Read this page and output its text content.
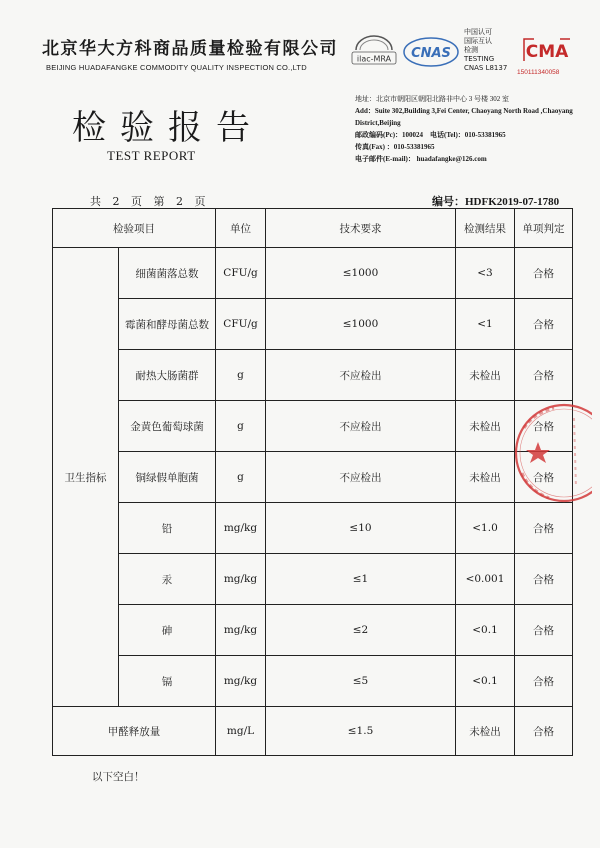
北京华大方科商品质量检验有限公司
BEIJING HUADAFANGKE COMMODITY QUALITY INSPECTION CO.,LTD
ilac-MRA CNAS
中国认可
国际互认
检测
TESTING
CNAS L8137
CMA
150111340058
检验报告
TEST REPORT
地址：北京市朝阳区朝阳北路非中心 3 号楼 302 室
Add：Suite 302,Building 3,Fei Center, Chaoyang North Road ,Chaoyang District,Beijing
邮政编码(Pc)：100024 电话(Tel)：010-53381965
传真(Fax) ：010-53381965
电子邮件(E-mail)： huadafangke@126.com
共 2 页 第 2 页	编号：HDFK2019-07-1780
检验项目		单位	技术要求	检测结果	单项判定
卫生指标	细菌菌落总数	CFU/g	≤1000	<3	合格
	霉菌和酵母菌总数	CFU/g	≤1000	<1	合格
	耐热大肠菌群	g	不应检出	未检出	合格
	金黄色葡萄球菌	g	不应检出	未检出	合格
	铜绿假单胞菌	g	不应检出	未检出	合格
	铅	mg/kg	≤10	<1.0	合格
	汞	mg/kg	≤1	<0.001	合格
	砷	mg/kg	≤2	<0.1	合格
	镉	mg/kg	≤5	<0.1	合格
甲醛释放量		mg/L	≤1.5	未检出	合格
以下空白！
